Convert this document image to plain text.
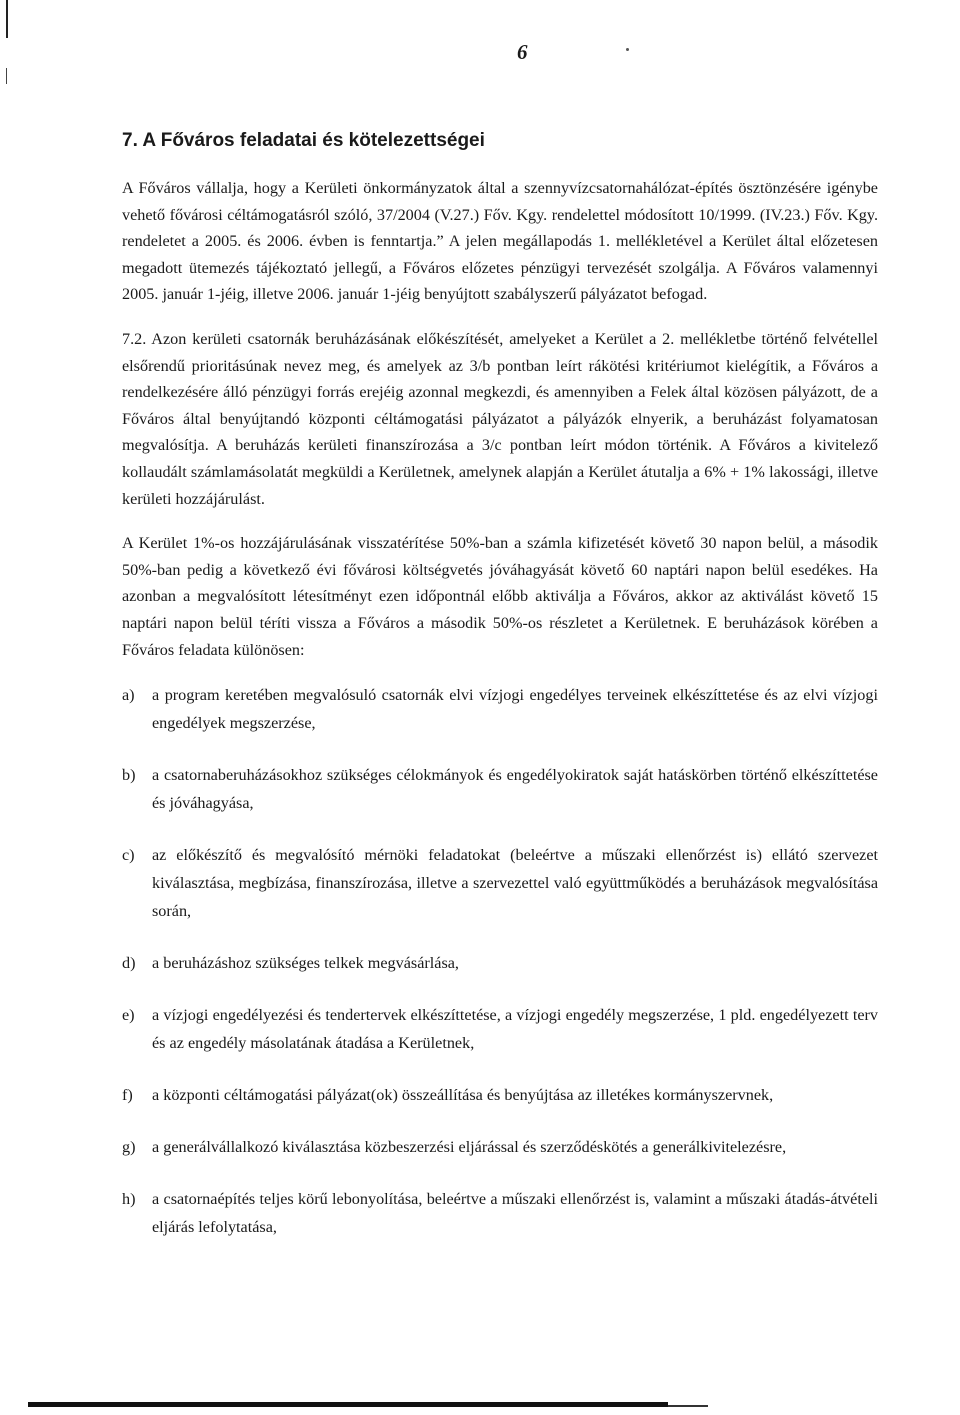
6
7. A Főváros feladatai és kötelezettségei

A Főváros vállalja, hogy a Kerületi önkormányzatok által a szennyvízcsatornahálózat-építés ösztönzésére igénybe vehető fővárosi céltámogatásról szóló, 37/2004 (V.27.) Főv. Kgy. rendelettel módosított 10/1999. (IV.23.) Főv. Kgy. rendeletet a 2005. és 2006. évben is fenntartja.” A jelen megállapodás 1. mellékletével a Kerület által előzetesen megadott ütemezés tájékoztató jellegű, a Főváros előzetes pénzügyi tervezését szolgálja. A Főváros valamennyi 2005. január 1-jéig, illetve 2006. január 1-jéig benyújtott szabályszerű pályázatot befogad.

7.2. Azon kerületi csatornák beruházásának előkészítését, amelyeket a Kerület a 2. mellékletbe történő felvétellel elsőrendű prioritásúnak nevez meg, és amelyek az 3/b pontban leírt rákötési kritériumot kielégítik, a Főváros a rendelkezésére álló pénzügyi forrás erejéig azonnal megkezdi, és amennyiben a Felek által közösen pályázott, de a Főváros által benyújtandó központi céltámogatási pályázatot a pályázók elnyerik, a beruházást folyamatosan megvalósítja. A beruházás kerületi finanszírozása a 3/c pontban leírt módon történik. A Főváros a kivitelező kollaudált számlamásolatát megküldi a Kerületnek, amelynek alapján a Kerület átutalja a 6% + 1% lakossági, illetve kerületi hozzájárulást.

A Kerület 1%-os hozzájárulásának visszatérítése 50%-ban a számla kifizetését követő 30 napon belül, a második 50%-ban pedig a következő évi fővárosi költségvetés jóváhagyását követő 60 naptári napon belül esedékes. Ha azonban a megvalósított létesítményt ezen időpontnál előbb aktiválja a Főváros, akkor az aktiválást követő 15 naptári napon belül téríti vissza a Főváros a második 50%-os részletet a Kerületnek. E beruházások körében a Főváros feladata különösen:

a)	a program keretében megvalósuló csatornák elvi vízjogi engedélyes terveinek elkészíttetése és az elvi vízjogi engedélyek megszerzése,
b)	a csatornaberuházásokhoz szükséges célokmányok és engedélyokiratok saját hatáskörben történő elkészíttetése és jóváhagyása,
c)	az előkészítő és megvalósító mérnöki feladatokat (beleértve a műszaki ellenőrzést is) ellátó szervezet kiválasztása, megbízása, finanszírozása, illetve a szervezettel való együttműködés a beruházások megvalósítása során,
d)	a beruházáshoz szükséges telkek megvásárlása,
e)	a vízjogi engedélyezési és tendertervek elkészíttetése, a vízjogi engedély megszerzése, 1 pld. engedélyezett terv és az engedély másolatának átadása a Kerületnek,
f)	a központi céltámogatási pályázat(ok) összeállítása és benyújtása az illetékes kormányszervnek,
g)	a generálvállalkozó kiválasztása közbeszerzési eljárással és szerződéskötés a generálkivitelezésre,
h)	a csatornaépítés teljes körű lebonyolítása, beleértve a műszaki ellenőrzést is, valamint a műszaki átadás-átvételi eljárás lefolytatása,
